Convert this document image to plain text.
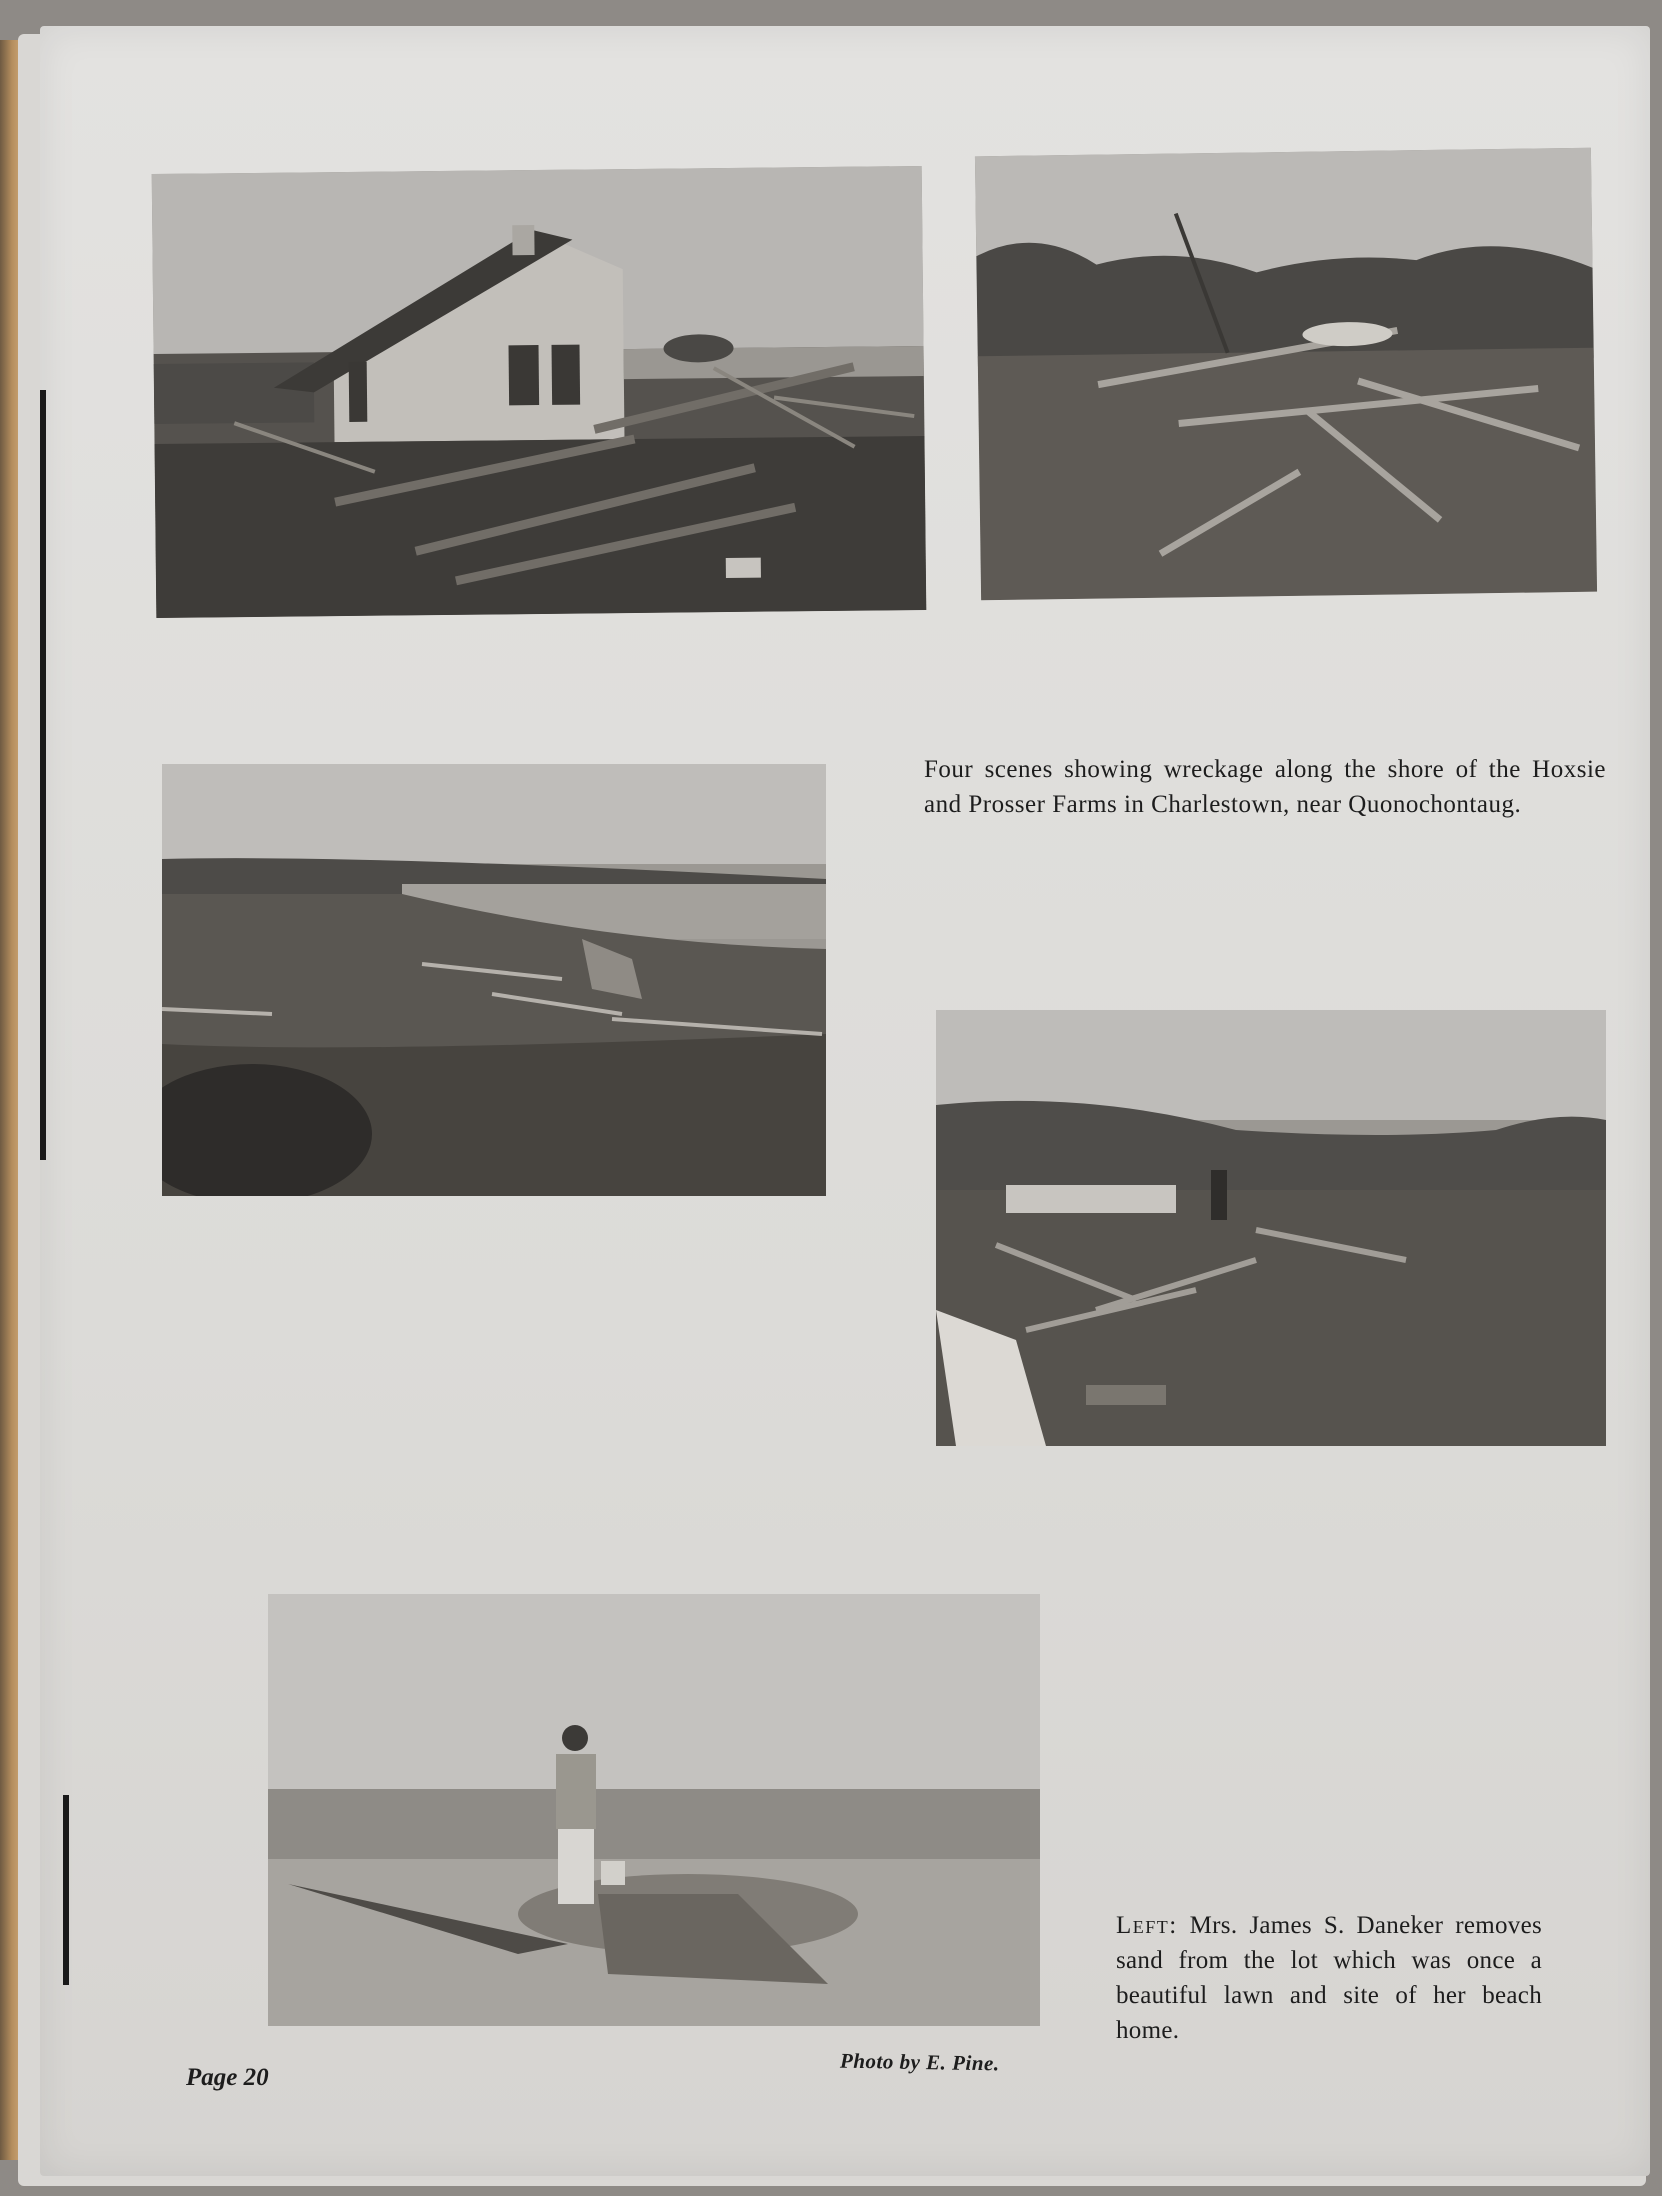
Four scenes showing wreckage along the shore of the Hoxsie and Prosser Farms in Charlestown, near Quonochontaug.
Left: Mrs. James S. Daneker removes sand from the lot which was once a beautiful lawn and site of her beach home.
Photo by E. Pine.
Page 20
